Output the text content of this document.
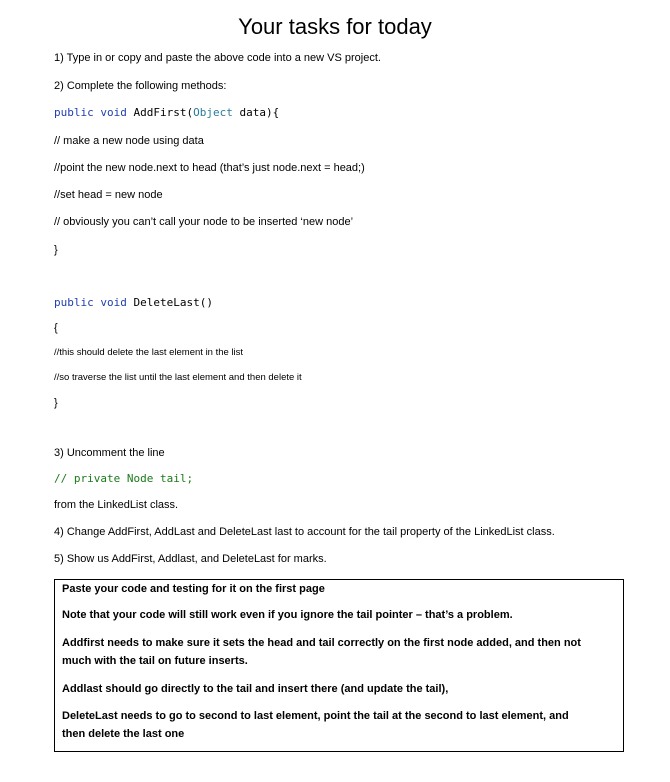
Your tasks for today
1) Type in or copy and paste the above code into a new VS project.
2) Complete the following methods:
public void AddFirst(Object data){
// make a new node using data
//point the new node.next to head (that’s just node.next = head;)
//set head = new node
// obviously you can’t call your node to be inserted ‘new node’
}
public void DeleteLast()
{
//this should delete the last element in the list
//so traverse the list until the last element and then delete it
}
3) Uncomment the line
// private Node tail;
from the LinkedList class.
4) Change AddFirst, AddLast and DeleteLast last to account for the tail property of the LinkedList class.
5) Show us AddFirst, Addlast, and DeleteLast for marks.
Paste your code and testing for it on the first page
Note that your code will still work even if you ignore the tail pointer – that’s a problem.
Addfirst needs to make sure it sets the head and tail correctly on the first node added, and then not
much with the tail on future inserts.
Addlast should go directly to the tail and insert there (and update the tail),
DeleteLast needs to go to second to last element, point the tail at the second to last element, and
then delete the last one
